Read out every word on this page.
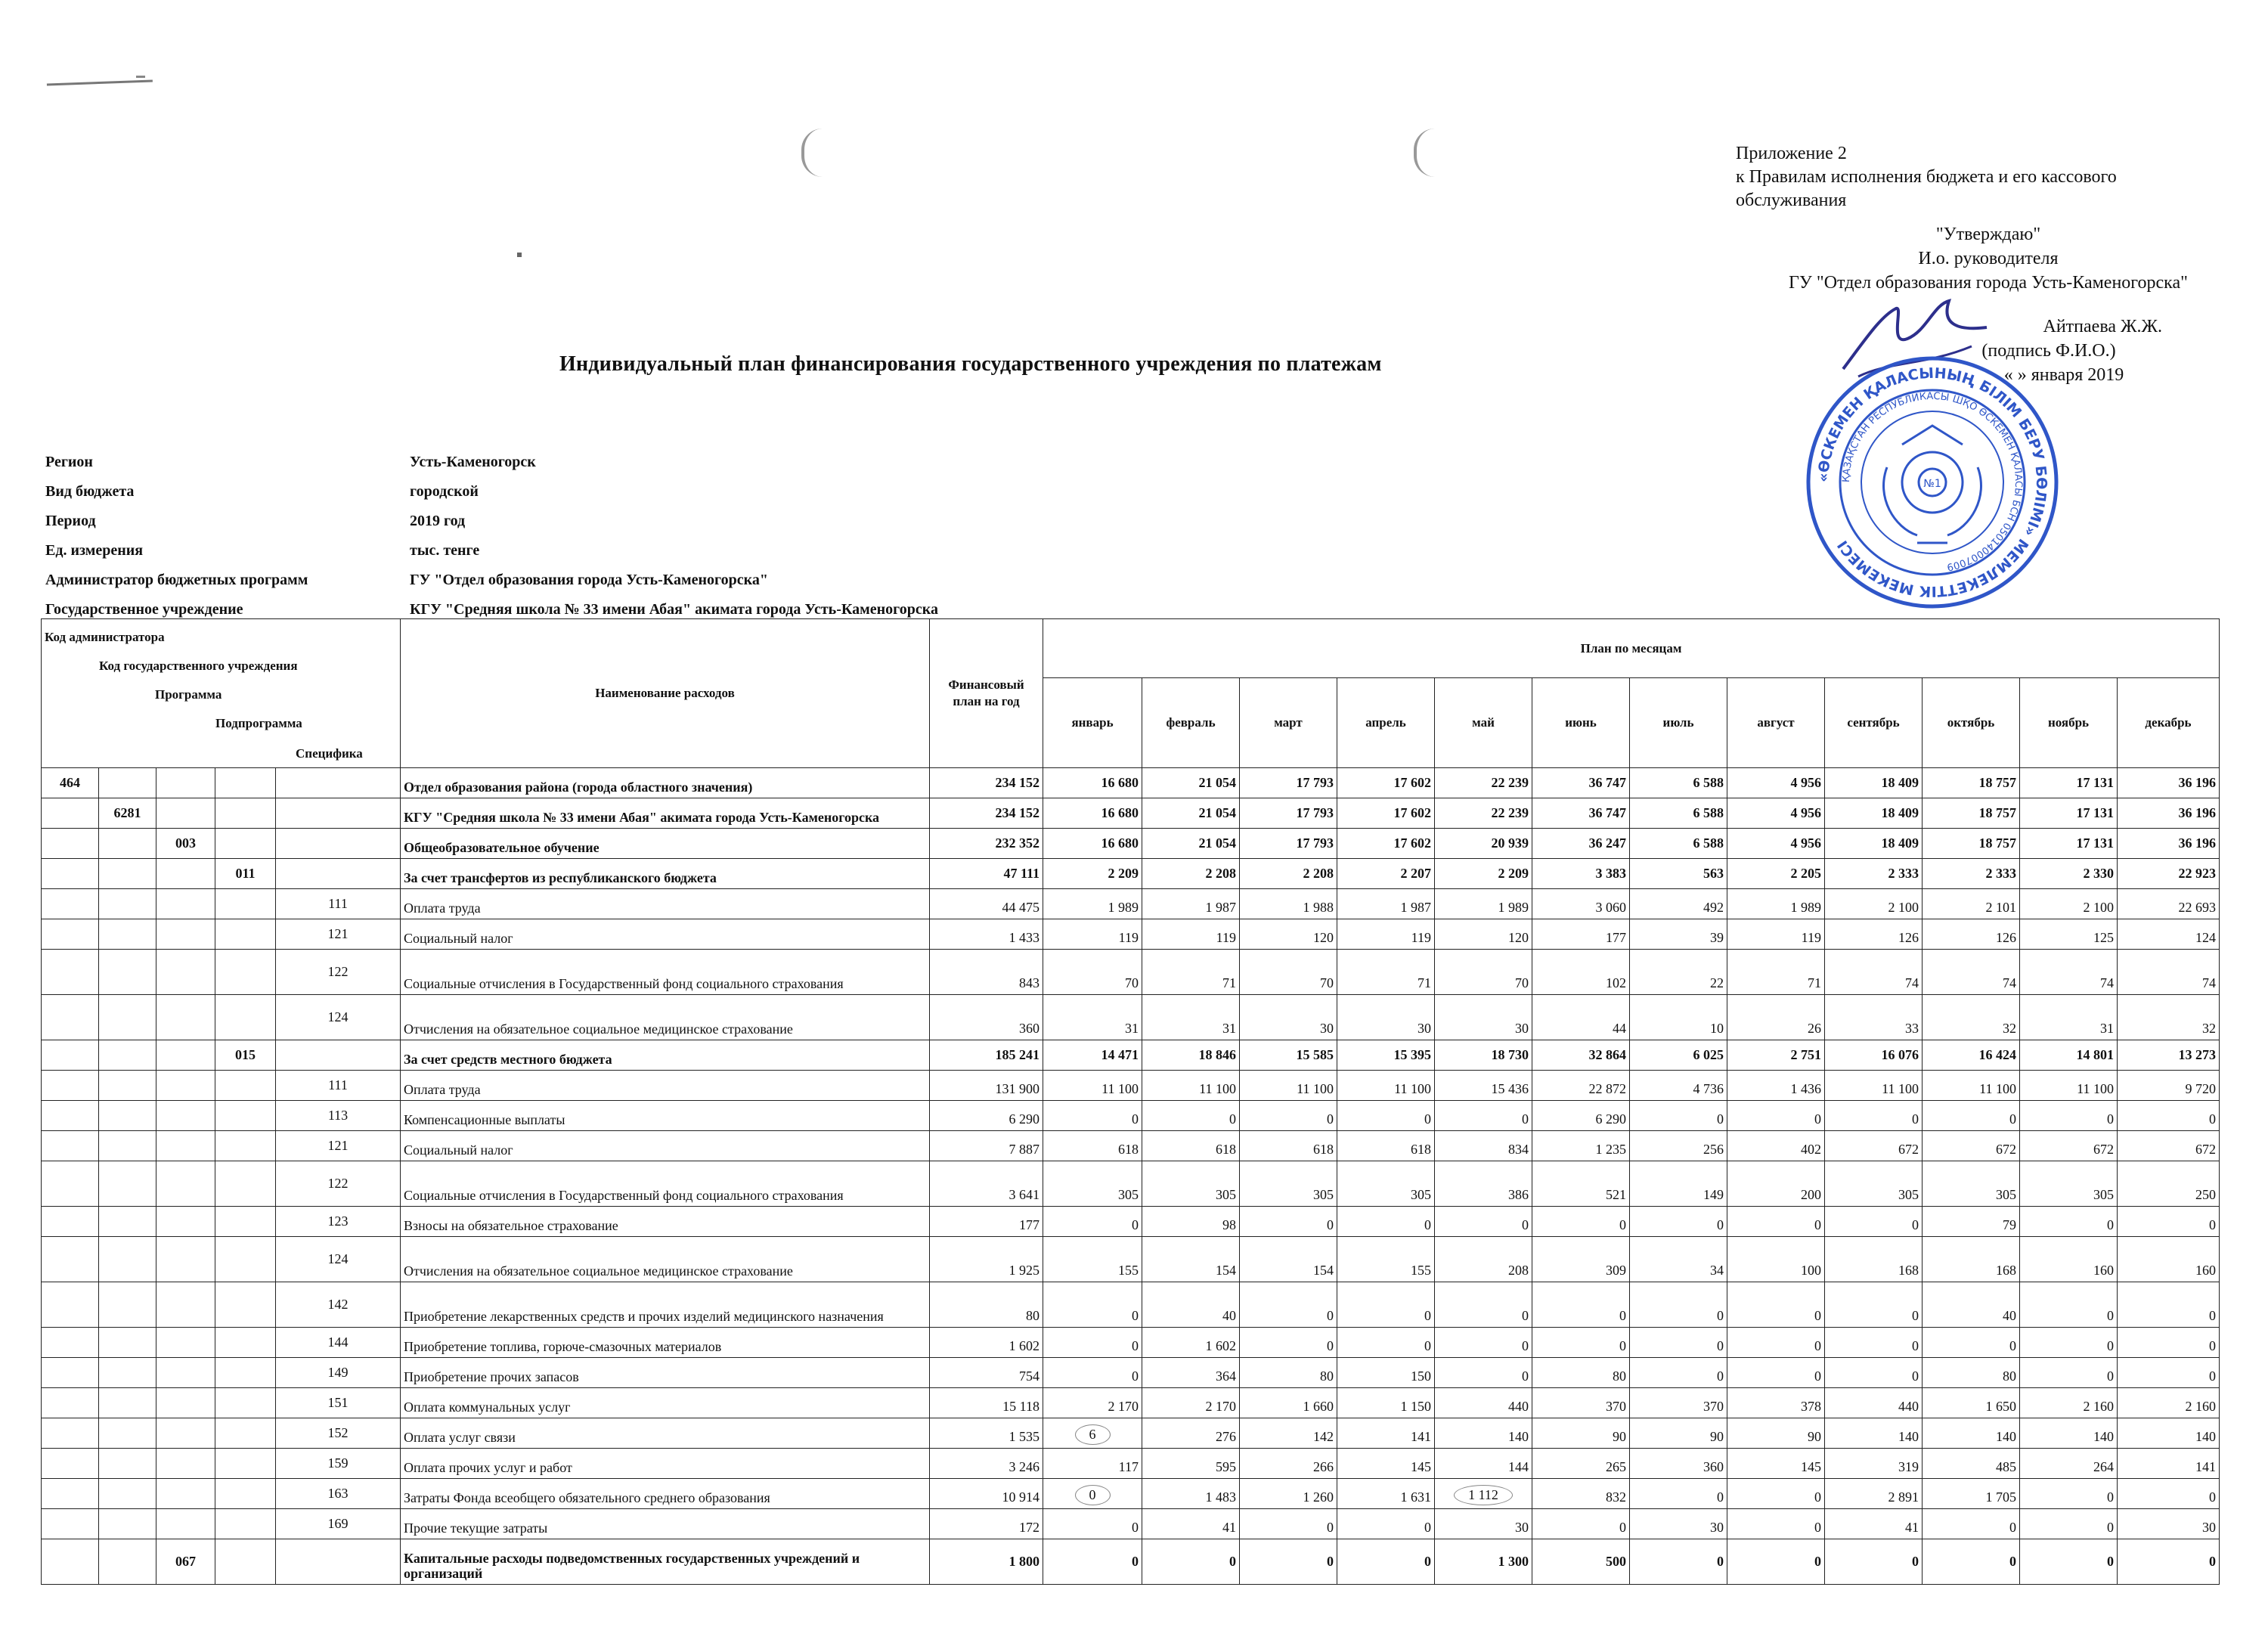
Приложение 2
к Правилам исполнения бюджета и его кассового
обслуживания
"Утверждаю"
И.о. руководителя
ГУ "Отдел образования города Усть-Каменогорска"
Айтпаева Ж.Ж.
(подпись Ф.И.О.)
« » января 2019
«ӨСКЕМЕН ҚАЛАСЫНЫҢ БІЛІМ БЕРУ БӨЛІМІ» МЕМЛЕКЕТТІК МЕКЕМЕСІ
ҚАЗАҚСТАН РЕСПУБЛИКАСЫ ШҚО ӨСКЕМЕН ҚАЛАСЫ БСН 050140007009
№1
Индивидуальный план финансирования государственного учреждения по платежам
Регион	Усть-Каменогорск
Вид бюджета	городской
Период	2019 год
Ед. измерения	тыс. тенге
Администратор бюджетных программ	ГУ "Отдел образования города Усть-Каменогорска"
Государственное учреждение	КГУ "Средняя школа № 33 имени Абая" акимата города Усть-Каменогорска
Код администратора
Код государственного учреждения
Программа
Подпрограмма
Специфика					Наименование расходов	Финансовый план на год	План по месяцам											
							январь	февраль	март	апрель	май	июнь	июль	август	сентябрь	октябрь	ноябрь	декабрь
464					Отдел образования района (города областного значения)	234 152	16 680	21 054	17 793	17 602	22 239	36 747	6 588	4 956	18 409	18 757	17 131	36 196
	6281				КГУ "Средняя школа № 33 имени Абая" акимата города Усть-Каменогорска	234 152	16 680	21 054	17 793	17 602	22 239	36 747	6 588	4 956	18 409	18 757	17 131	36 196
		003			Общеобразовательное обучение	232 352	16 680	21 054	17 793	17 602	20 939	36 247	6 588	4 956	18 409	18 757	17 131	36 196
			011		За счет трансфертов из республиканского бюджета	47 111	2 209	2 208	2 208	2 207	2 209	3 383	563	2 205	2 333	2 333	2 330	22 923
				111	Оплата труда	44 475	1 989	1 987	1 988	1 987	1 989	3 060	492	1 989	2 100	2 101	2 100	22 693
				121	Социальный налог	1 433	119	119	120	119	120	177	39	119	126	126	125	124
				122	Социальные отчисления в Государственный фонд социального страхования	843	70	71	70	71	70	102	22	71	74	74	74	74
				124	Отчисления на обязательное социальное медицинское страхование	360	31	31	30	30	30	44	10	26	33	32	31	32
			015		За счет средств местного бюджета	185 241	14 471	18 846	15 585	15 395	18 730	32 864	6 025	2 751	16 076	16 424	14 801	13 273
				111	Оплата труда	131 900	11 100	11 100	11 100	11 100	15 436	22 872	4 736	1 436	11 100	11 100	11 100	9 720
				113	Компенсационные выплаты	6 290	0	0	0	0	0	6 290	0	0	0	0	0	0
				121	Социальный налог	7 887	618	618	618	618	834	1 235	256	402	672	672	672	672
				122	Социальные отчисления в Государственный фонд социального страхования	3 641	305	305	305	305	386	521	149	200	305	305	305	250
				123	Взносы на обязательное страхование	177	0	98	0	0	0	0	0	0	0	79	0	0
				124	Отчисления на обязательное социальное медицинское страхование	1 925	155	154	154	155	208	309	34	100	168	168	160	160
				142	Приобретение лекарственных средств и прочих изделий медицинского назначения	80	0	40	0	0	0	0	0	0	0	40	0	0
				144	Приобретение топлива, горюче-смазочных материалов	1 602	0	1 602	0	0	0	0	0	0	0	0	0	0
				149	Приобретение прочих запасов	754	0	364	80	150	0	80	0	0	0	80	0	0
				151	Оплата коммунальных услуг	15 118	2 170	2 170	1 660	1 150	440	370	370	378	440	1 650	2 160	2 160
				152	Оплата услуг связи	1 535	6	276	142	141	140	90	90	90	140	140	140	140
				159	Оплата прочих услуг и работ	3 246	117	595	266	145	144	265	360	145	319	485	264	141
				163	Затраты Фонда всеобщего обязательного среднего образования	10 914	0	1 483	1 260	1 631	1 112	832	0	0	2 891	1 705	0	0
				169	Прочие текущие затраты	172	0	41	0	0	30	0	30	0	41	0	0	30
		067			Капитальные расходы подведомственных государственных учреждений и организаций	1 800	0	0	0	0	1 300	500	0	0	0	0	0	0
